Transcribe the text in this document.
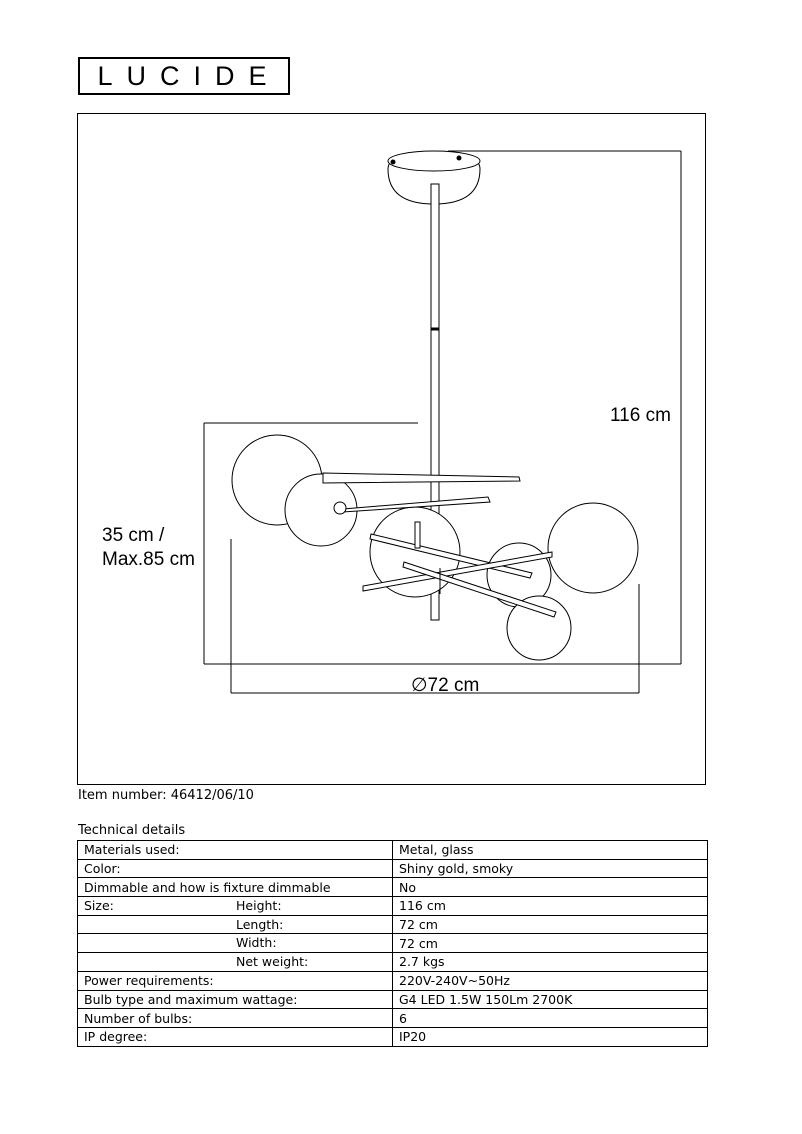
LUCIDE
116 cm
35 cm /
Max.85 cm
∅72 cm
Item number: 46412/06/10
Technical details
Materials used:	Metal, glass
Color:	Shiny gold, smoky
Dimmable and how is fixture dimmable	No
Size: Height:	116 cm

Length:	72 cm

Width:	72 cm

Net weight:	2.7 kgs
Power requirements:	220V-240V~50Hz
Bulb type and maximum wattage:	G4 LED 1.5W 150Lm 2700K
Number of bulbs:	6
IP degree:	IP20
